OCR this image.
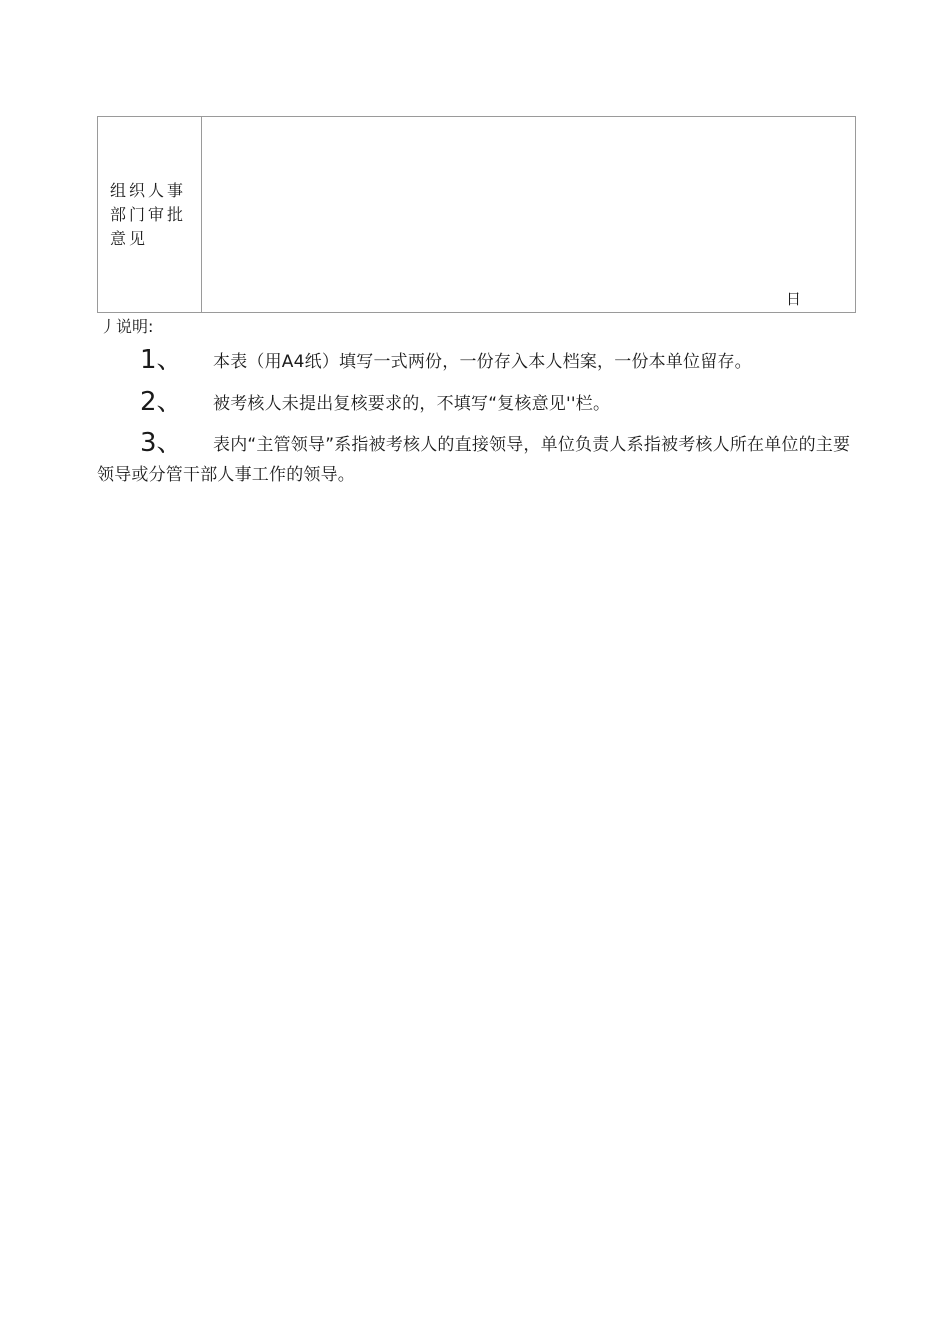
组织人事部门审批意见
日
丿说明:
1、	本表（用A4纸）填写一式两份，一份存入本人档案，一份本单位留存。
2、	被考核人未提出复核要求的，不填写“复核意见''栏。
3、	表内“主管领导”系指被考核人的直接领导，单位负责人系指被考核人所在单位的主要领导或分管干部人事工作的领导。
